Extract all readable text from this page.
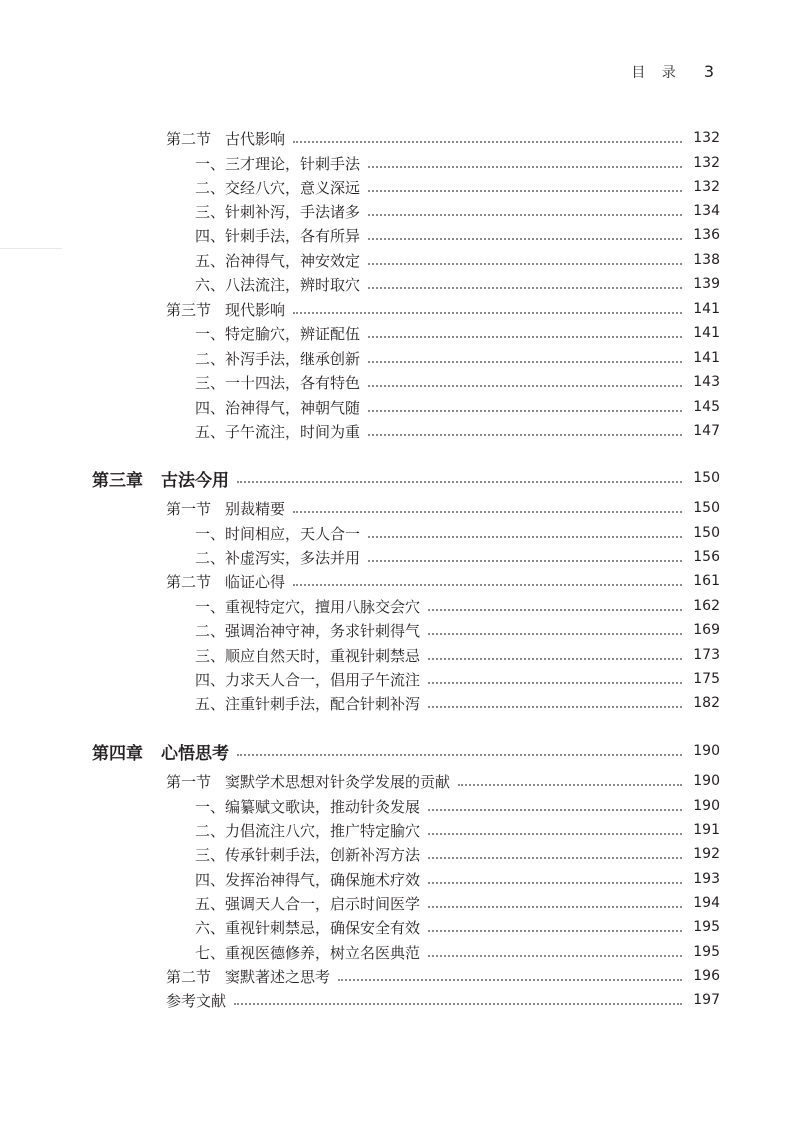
目 录 3
第二节 古代影响	132
一、三才理论，针刺手法	132
二、交经八穴，意义深远	132
三、针刺补泻，手法诸多	134
四、针刺手法，各有所异	136
五、治神得气，神安效定	138
六、八法流注，辨时取穴	139
第三节 现代影响	141
一、特定腧穴，辨证配伍	141
二、补泻手法，继承创新	141
三、一十四法，各有特色	143
四、治神得气，神朝气随	145
五、子午流注，时间为重	147
第三章 古法今用	150
第一节 别裁精要	150
一、时间相应，天人合一	150
二、补虚泻实，多法并用	156
第二节 临证心得	161
一、重视特定穴，擅用八脉交会穴	162
二、强调治神守神，务求针刺得气	169
三、顺应自然天时，重视针刺禁忌	173
四、力求天人合一，倡用子午流注	175
五、注重针刺手法，配合针刺补泻	182
第四章 心悟思考	190
第一节 窦默学术思想对针灸学发展的贡献	190
一、编纂赋文歌诀，推动针灸发展	190
二、力倡流注八穴，推广特定腧穴	191
三、传承针刺手法，创新补泻方法	192
四、发挥治神得气，确保施术疗效	193
五、强调天人合一，启示时间医学	194
六、重视针刺禁忌，确保安全有效	195
七、重视医德修养，树立名医典范	195
第二节 窦默著述之思考	196
参考文献	197
